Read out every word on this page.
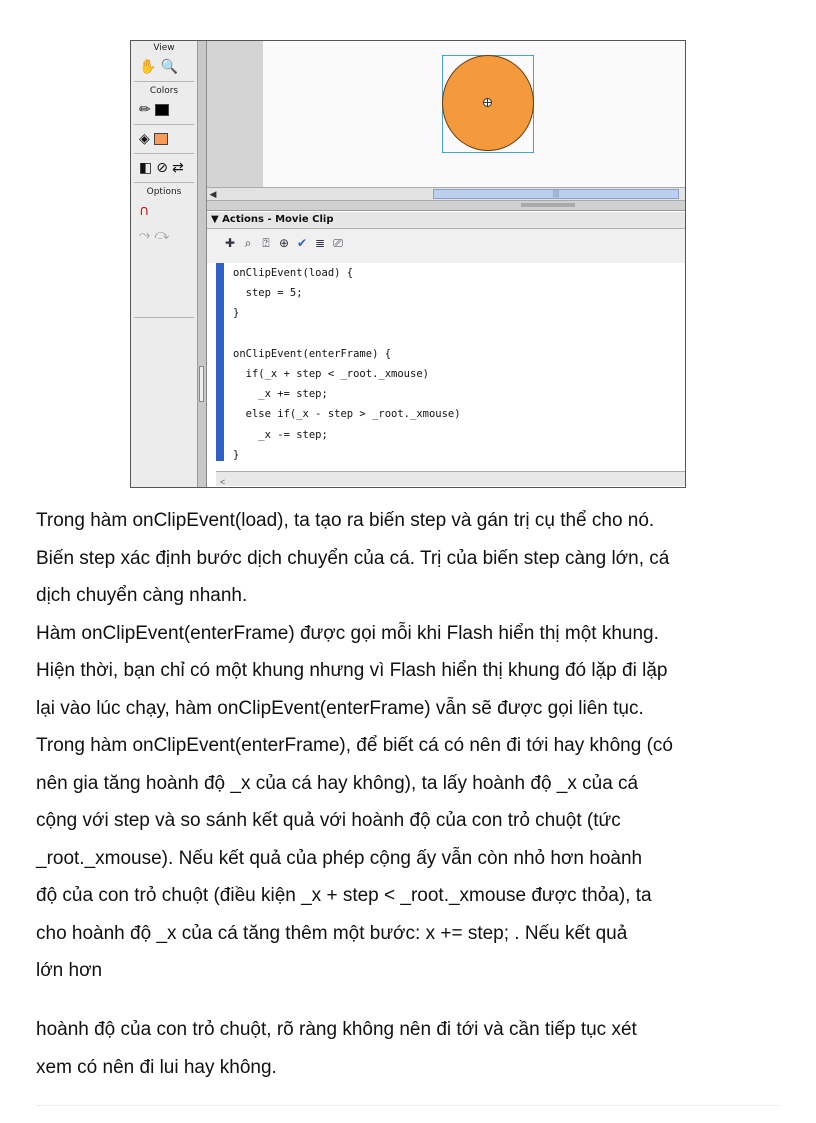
View
✋ 🔍
Colors
✏
◈
◧ ⊘ ⇄
Options
∩
⤳ ⤼
◀	|||
▼ Actions - Movie Clip
✚ ⌕ ⍰ ⊕ ✔ ≣ ⎚
onClipEvent(load) {
step = 5;
}

onClipEvent(enterFrame) {
if(_x + step < _root._xmouse)
_x += step;
else if(_x - step > _root._xmouse)
_x -= step;
}
<

Trong hàm onClipEvent(load), ta tạo ra biến step và gán trị cụ thể cho nó.

Biến step xác định bước dịch chuyển của cá. Trị của biến step càng lớn, cá

dịch chuyển càng nhanh.

Hàm onClipEvent(enterFrame) được gọi mỗi khi Flash hiển thị một khung.

Hiện thời, bạn chỉ có một khung nhưng vì Flash hiển thị khung đó lặp đi lặp

lại vào lúc chạy, hàm onClipEvent(enterFrame) vẫn sẽ được gọi liên tục.

Trong hàm onClipEvent(enterFrame), để biết cá có nên đi tới hay không (có

nên gia tăng hoành độ _x của cá hay không), ta lấy hoành độ _x của cá

cộng với step và so sánh kết quả với hoành độ của con trỏ chuột (tức

_root._xmouse). Nếu kết quả của phép cộng ấy vẫn còn nhỏ hơn hoành

độ của con trỏ chuột (điều kiện _x + step < _root._xmouse được thỏa), ta

cho hoành độ _x của cá tăng thêm một bước: x += step; . Nếu kết quả

lớn hơn

hoành độ của con trỏ chuột, rõ ràng không nên đi tới và cần tiếp tục xét

xem có nên đi lui hay không.
